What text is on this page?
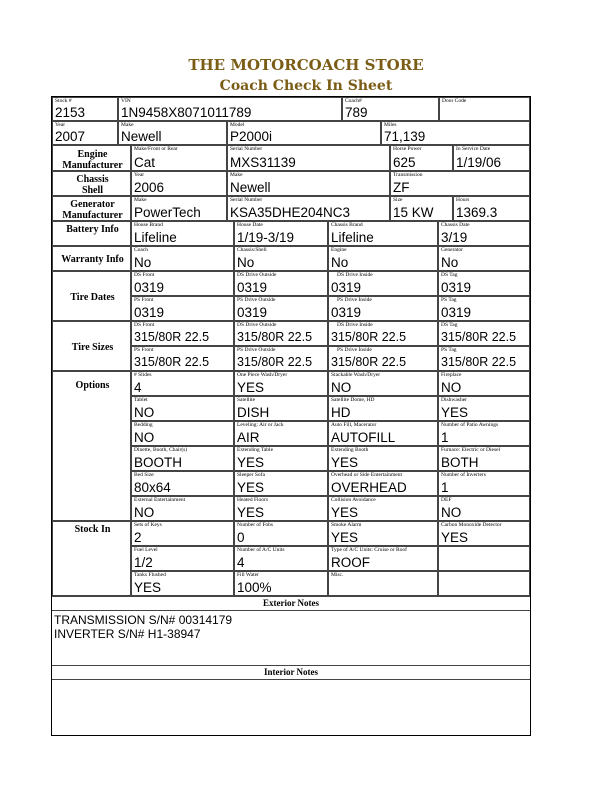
THE MOTORCOACH STORE
Coach Check In Sheet
Stock #
2153
VIN
1N9458X8071011789
Coach#
789
Door Code
Year
2007
Make
Newell
Model
P2000i
Miles
71,139
Engine Manufacturer
Make/Front or Rear
Cat
Serial Number
MXS31139
Horse Power
625
In Service Date
1/19/06
Chassis Shell
Year
2006
Make
Newell
Transmission
ZF
Generator Manufacturer
Make
PowerTech
Serial Number
KSA35DHE204NC3
Size
15 KW
Hours
1369.3
Battery Info	House Brand
Lifeline
House Date
1/19-3/19
Chassis Brand
Lifeline
Chassis Date
3/19
Warranty Info
Coach
No
Chassis/Shell
No
Engine
No
Generator
No
Tire Dates
DS Front
0319
DS Drive Outside
0319
DS Drive Inside
0319
DS Tag
0319
PS Front
0319
PS Drive Outside
0319
PS Drive Inside
0319
PS Tag
0319
Tire Sizes
DS Front
315/80R 22.5
DS Drive Outside
315/80R 22.5
DS Drive Inside
315/80R 22.5
DS Tag
315/80R 22.5
PS Front
315/80R 22.5
PS Drive Outside
315/80R 22.5
PS Drive Inside
315/80R 22.5
PS Tag
315/80R 22.5
Options
# Slides
4
One Piece Wash/Dryer
YES
Stackable Wash/Dryer
NO
Fireplace
NO
Tablet
NO
Satellite
DISH
Satellite Dome, HD
HD
Dishwasher
YES
Bedding
NO
Leveling: Air or Jack
AIR
Auto Fill, Macerator
AUTOFILL
Number of Patio Awnings
1
Dinette, Booth, Chair(s)
BOOTH
Extending Table
YES
Extending Booth
YES
Furnace: Electric or Diesel
BOTH
Bed Size
80x64
Sleeper Sofa
YES
Overhead or Side Entertainment
OVERHEAD
Number of Inverters
1
External Entertainment
NO
Heated Floors
YES
Collision Avoidance
YES
DEF
NO
Stock In	Sets of Keys
2
Number of Fobs
0
Smoke Alarm
YES
Carbon Monoxide Detector
YES
Fuel Level
1/2
Number of A/C Units
4
Type of A/C Units: Cruise or Roof
ROOF
Tanks Flushed
YES
Fill Water
100%
Misc.
Exterior Notes
TRANSMISSION S/N# 00314179
INVERTER S/N# H1-38947
Interior Notes
